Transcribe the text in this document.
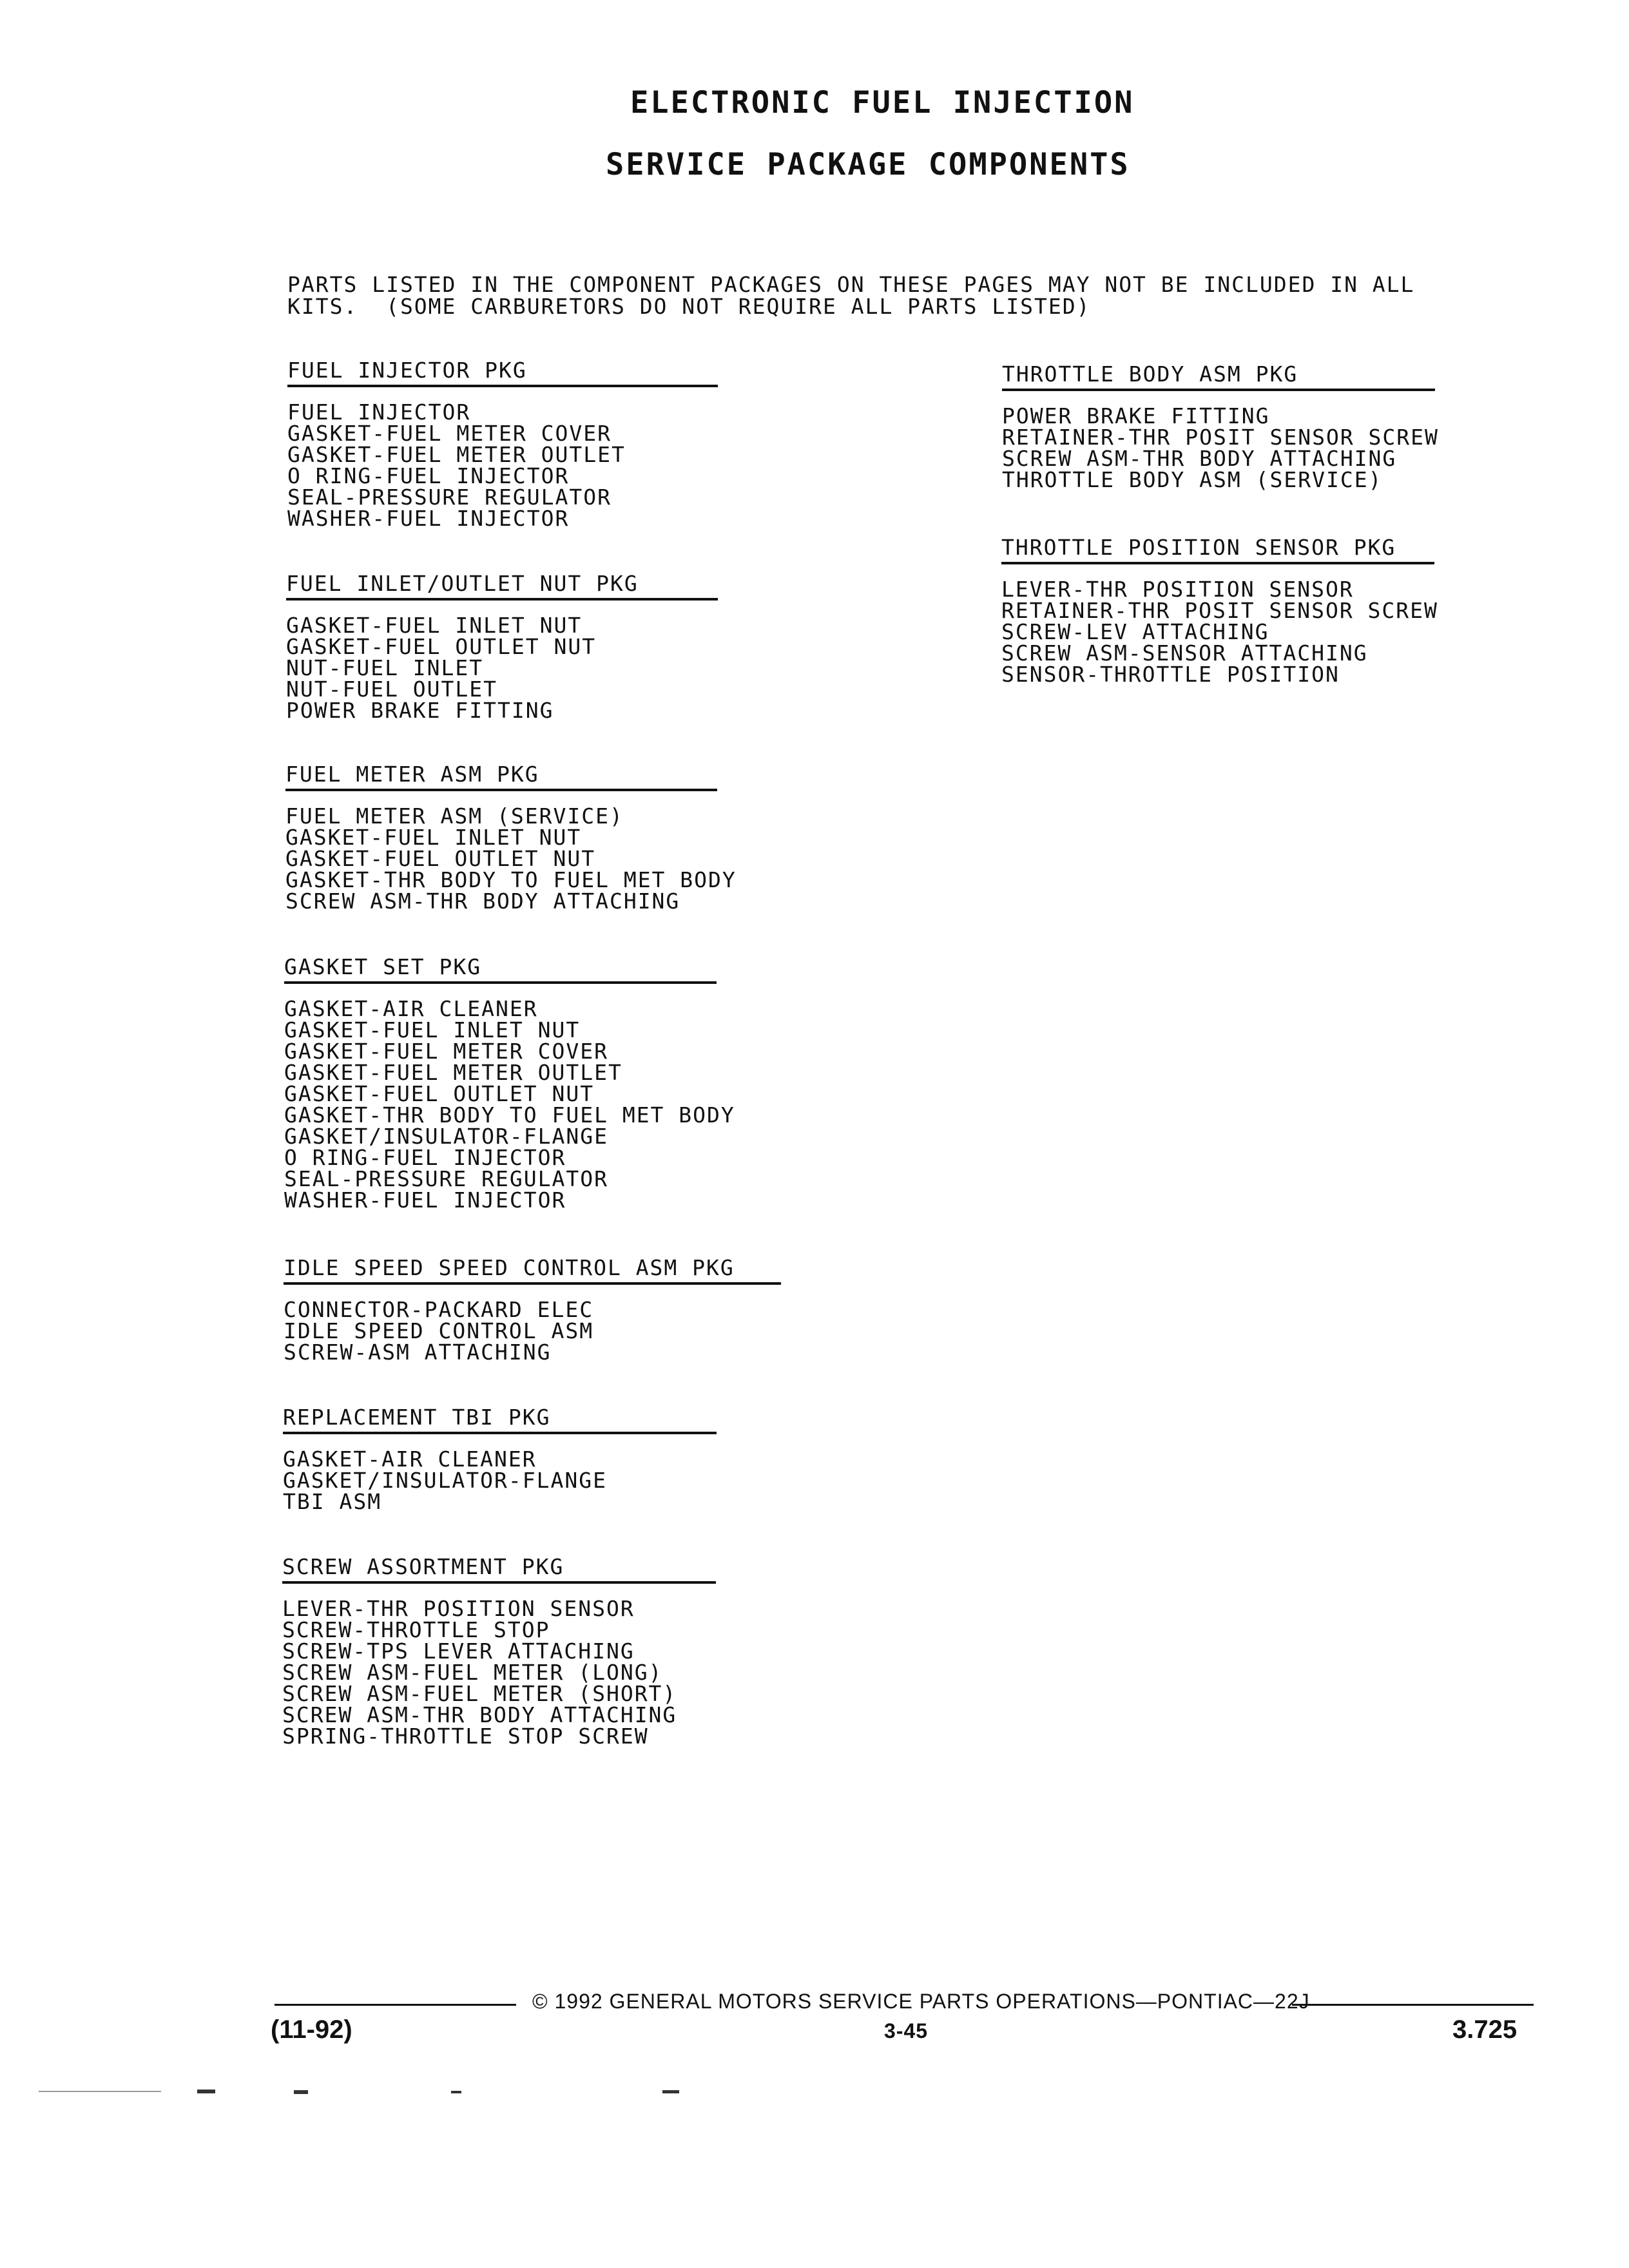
ELECTRONIC FUEL INJECTION
SERVICE PACKAGE COMPONENTS
PARTS LISTED IN THE COMPONENT PACKAGES ON THESE PAGES MAY NOT BE INCLUDED IN ALL
KITS.  (SOME CARBURETORS DO NOT REQUIRE ALL PARTS LISTED)
FUEL INJECTOR PKG
FUEL INJECTOR
GASKET-FUEL METER COVER
GASKET-FUEL METER OUTLET
O RING-FUEL INJECTOR
SEAL-PRESSURE REGULATOR
WASHER-FUEL INJECTOR
FUEL INLET/OUTLET NUT PKG
GASKET-FUEL INLET NUT
GASKET-FUEL OUTLET NUT
NUT-FUEL INLET
NUT-FUEL OUTLET
POWER BRAKE FITTING
FUEL METER ASM PKG
FUEL METER ASM (SERVICE)
GASKET-FUEL INLET NUT
GASKET-FUEL OUTLET NUT
GASKET-THR BODY TO FUEL MET BODY
SCREW ASM-THR BODY ATTACHING
GASKET SET PKG
GASKET-AIR CLEANER
GASKET-FUEL INLET NUT
GASKET-FUEL METER COVER
GASKET-FUEL METER OUTLET
GASKET-FUEL OUTLET NUT
GASKET-THR BODY TO FUEL MET BODY
GASKET/INSULATOR-FLANGE
O RING-FUEL INJECTOR
SEAL-PRESSURE REGULATOR
WASHER-FUEL INJECTOR
IDLE SPEED SPEED CONTROL ASM PKG
CONNECTOR-PACKARD ELEC
IDLE SPEED CONTROL ASM
SCREW-ASM ATTACHING
REPLACEMENT TBI PKG
GASKET-AIR CLEANER
GASKET/INSULATOR-FLANGE
TBI ASM
SCREW ASSORTMENT PKG
LEVER-THR POSITION SENSOR
SCREW-THROTTLE STOP
SCREW-TPS LEVER ATTACHING
SCREW ASM-FUEL METER (LONG)
SCREW ASM-FUEL METER (SHORT)
SCREW ASM-THR BODY ATTACHING
SPRING-THROTTLE STOP SCREW
THROTTLE BODY ASM PKG
POWER BRAKE FITTING
RETAINER-THR POSIT SENSOR SCREW
SCREW ASM-THR BODY ATTACHING
THROTTLE BODY ASM (SERVICE)
THROTTLE POSITION SENSOR PKG
LEVER-THR POSITION SENSOR
RETAINER-THR POSIT SENSOR SCREW
SCREW-LEV ATTACHING
SCREW ASM-SENSOR ATTACHING
SENSOR-THROTTLE POSITION
© 1992 GENERAL MOTORS SERVICE PARTS OPERATIONS—PONTIAC—22J
(11-92)	3-45	3.725
